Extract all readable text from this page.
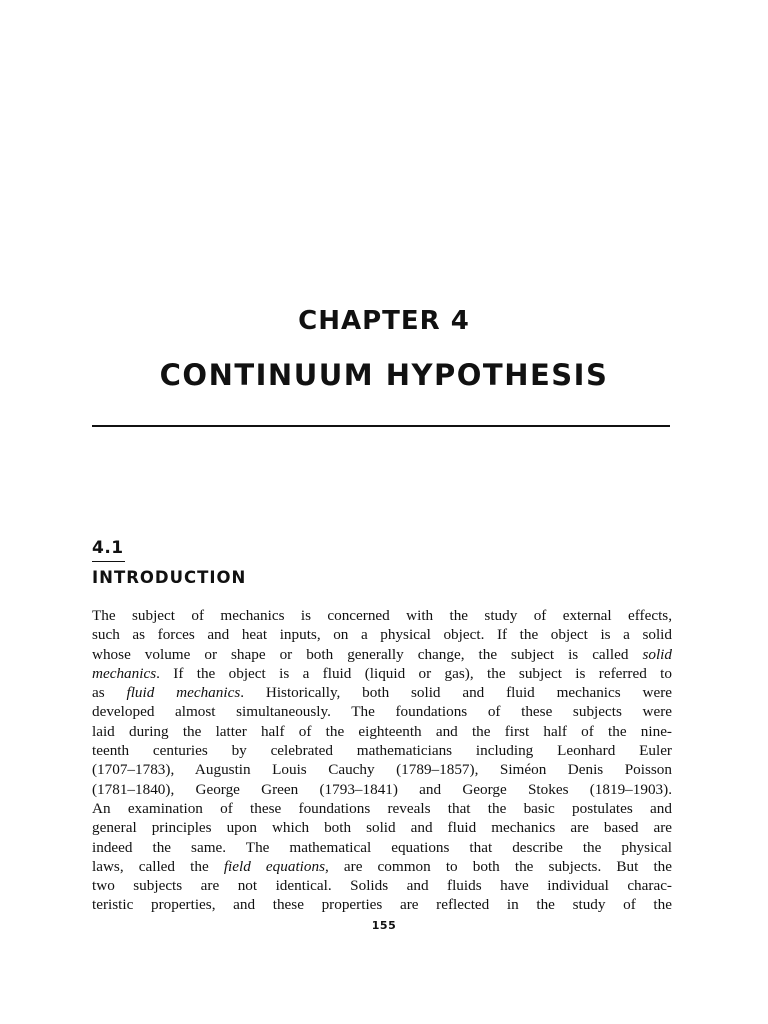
CHAPTER 4
CONTINUUM HYPOTHESIS
4.1
INTRODUCTION
The subject of mechanics is concerned with the study of external effects,
such as forces and heat inputs, on a physical object. If the object is a solid
whose volume or shape or both generally change, the subject is called solid
mechanics. If the object is a fluid (liquid or gas), the subject is referred to
as fluid mechanics. Historically, both solid and fluid mechanics were
developed almost simultaneously. The foundations of these subjects were
laid during the latter half of the eighteenth and the first half of the nine-
teenth centuries by celebrated mathematicians including Leonhard Euler
(1707–1783), Augustin Louis Cauchy (1789–1857), Siméon Denis Poisson
(1781–1840), George Green (1793–1841) and George Stokes (1819–1903).
An examination of these foundations reveals that the basic postulates and
general principles upon which both solid and fluid mechanics are based are
indeed the same. The mathematical equations that describe the physical
laws, called the field equations, are common to both the subjects. But the
two subjects are not identical. Solids and fluids have individual charac-
teristic properties, and these properties are reflected in the study of the
155
